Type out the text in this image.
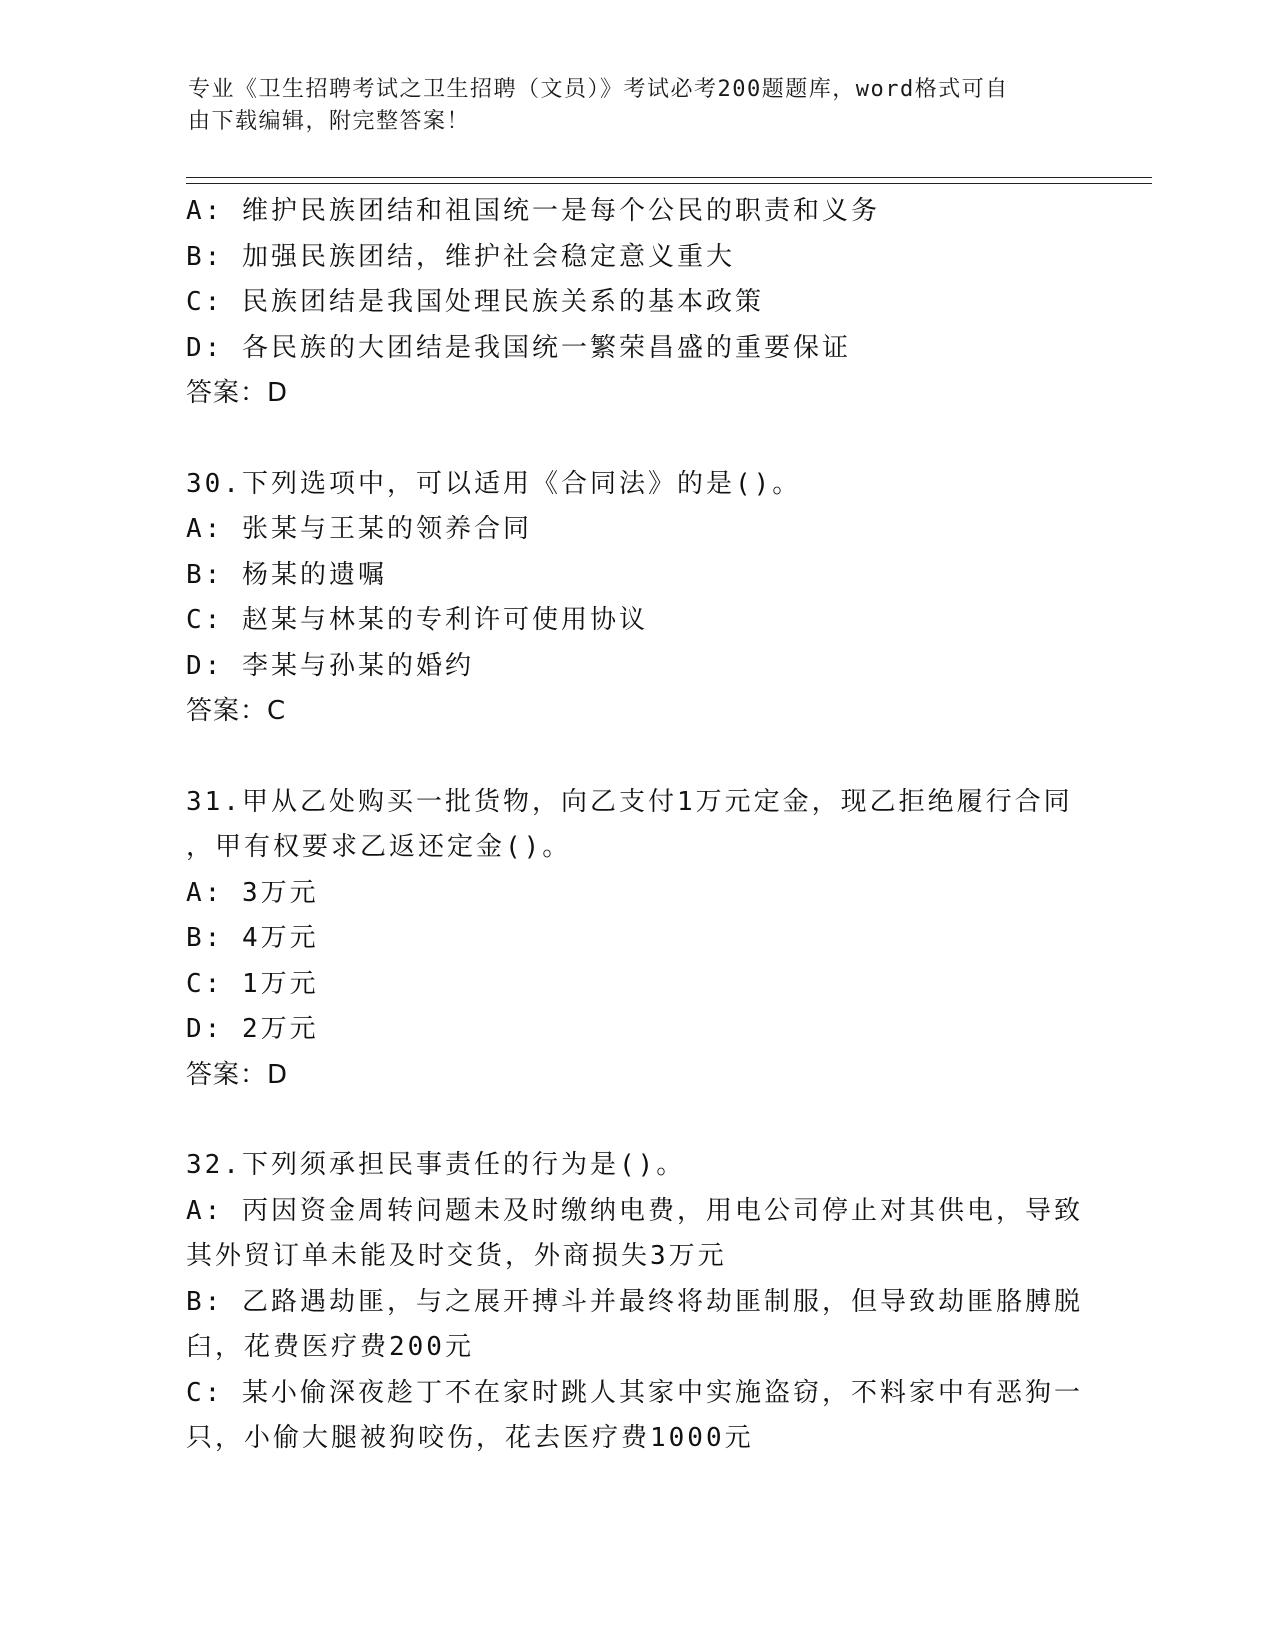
专业《卫生招聘考试之卫生招聘（文员）》考试必考200题题库，word格式可自
由下载编辑，附完整答案！
A: 维护民族团结和祖国统一是每个公民的职责和义务
B: 加强民族团结，维护社会稳定意义重大
C: 民族团结是我国处理民族关系的基本政策
D: 各民族的大团结是我国统一繁荣昌盛的重要保证
答案：D
30.下列选项中，可以适用《合同法》的是()。
A: 张某与王某的领养合同
B: 杨某的遗嘱
C: 赵某与林某的专利许可使用协议
D: 李某与孙某的婚约
答案：C
31.甲从乙处购买一批货物，向乙支付1万元定金，现乙拒绝履行合同
，甲有权要求乙返还定金()。
A: 3万元
B: 4万元
C: 1万元
D: 2万元
答案：D
32.下列须承担民事责任的行为是()。
A: 丙因资金周转问题未及时缴纳电费，用电公司停止对其供电，导致
其外贸订单未能及时交货，外商损失3万元
B: 乙路遇劫匪，与之展开搏斗并最终将劫匪制服，但导致劫匪胳膊脱
臼，花费医疗费200元
C: 某小偷深夜趁丁不在家时跳人其家中实施盗窃，不料家中有恶狗一
只，小偷大腿被狗咬伤，花去医疗费1000元
